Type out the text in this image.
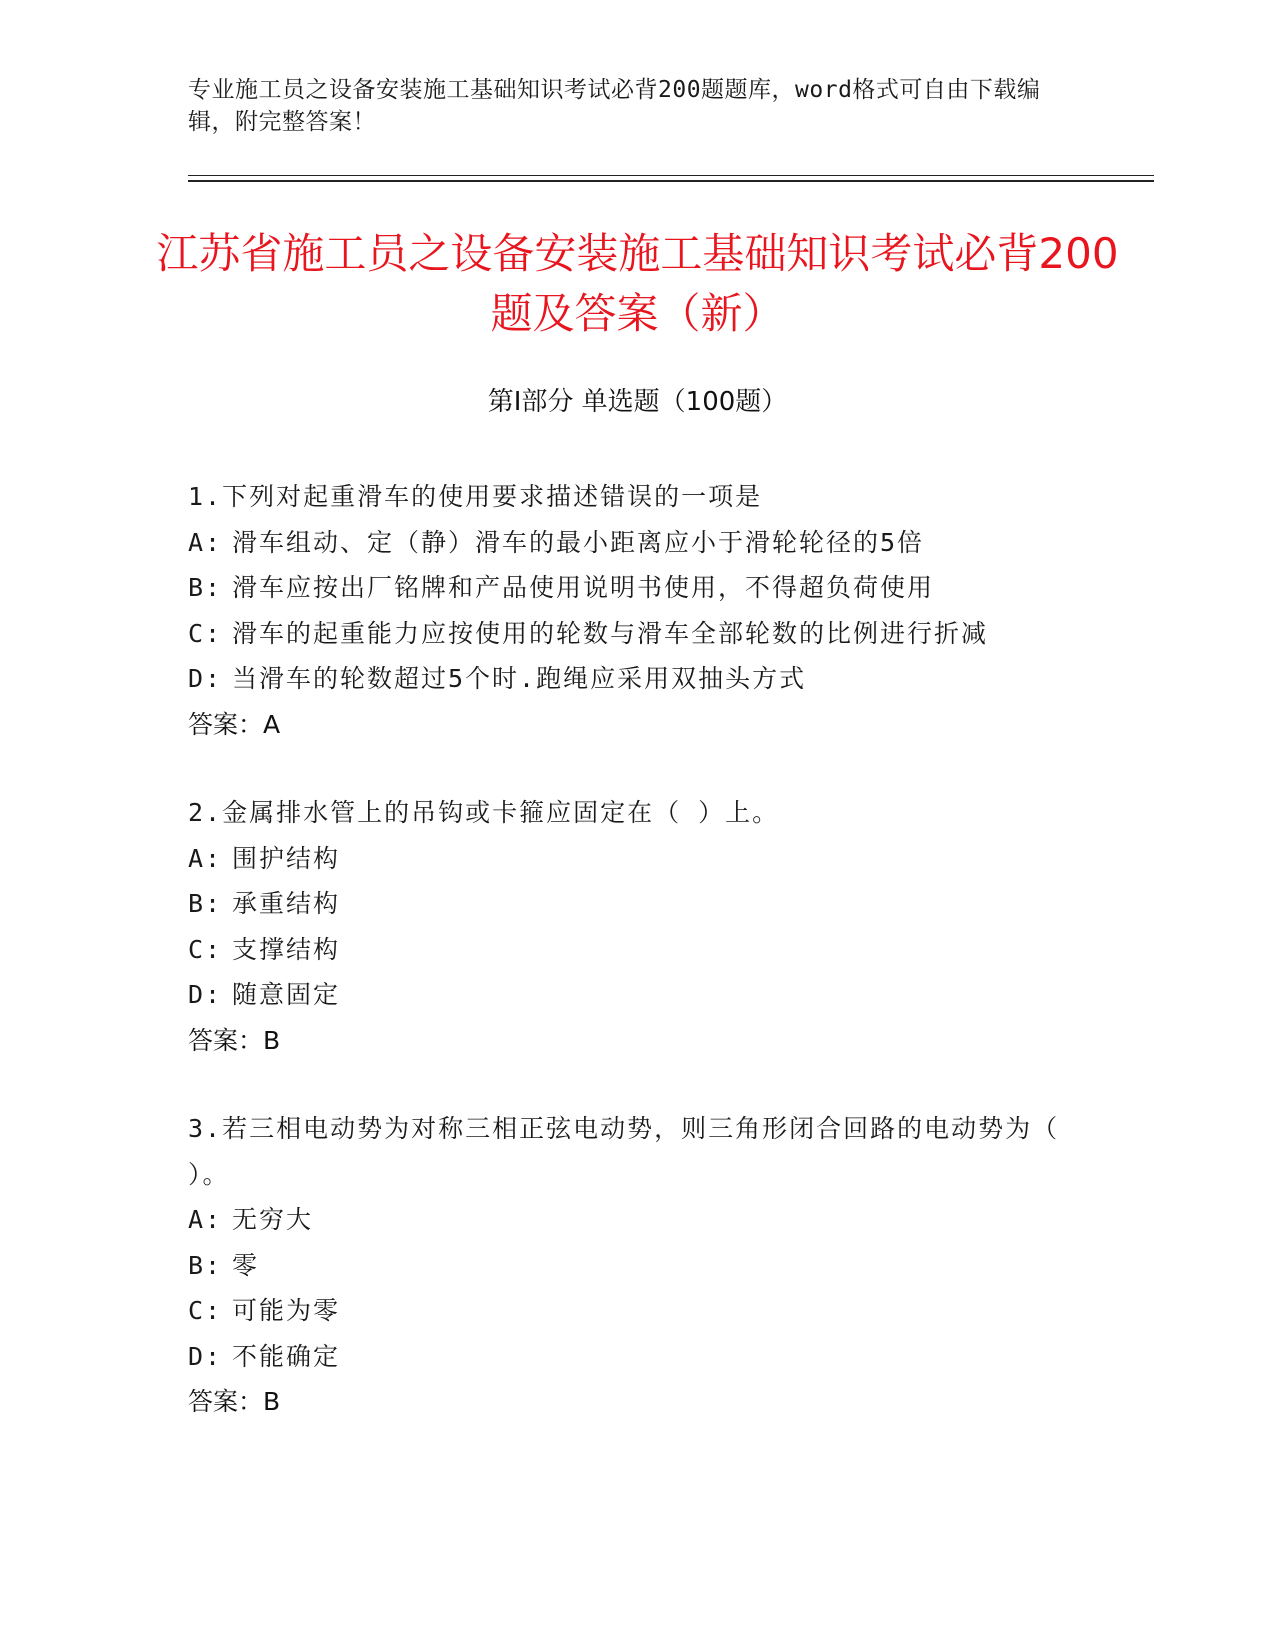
专业施工员之设备安装施工基础知识考试必背200题题库，word格式可自由下载编辑，附完整答案！
江苏省施工员之设备安装施工基础知识考试必背200题及答案（新）
第Ⅰ部分 单选题（100题）
1.下列对起重滑车的使用要求描述错误的一项是
A: 滑车组动、定（静）滑车的最小距离应小于滑轮轮径的5倍
B: 滑车应按出厂铭牌和产品使用说明书使用，不得超负荷使用
C: 滑车的起重能力应按使用的轮数与滑车全部轮数的比例进行折减
D: 当滑车的轮数超过5个时.跑绳应采用双抽头方式
答案：A
2.金属排水管上的吊钩或卡箍应固定在（ ）上。
A: 围护结构
B: 承重结构
C: 支撑结构
D: 随意固定
答案：B
3.若三相电动势为对称三相正弦电动势，则三角形闭合回路的电动势为（ ）。
A: 无穷大
B: 零
C: 可能为零
D: 不能确定
答案：B
